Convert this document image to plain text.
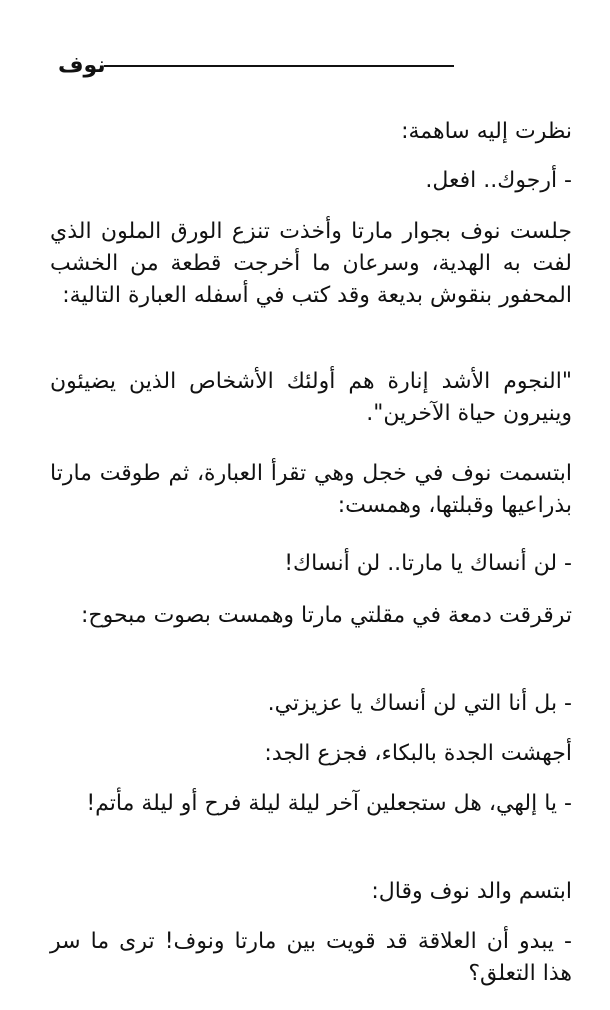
نوف
نظرت إليه ساهمة:
- أرجوك.. افعل.
جلست نوف بجوار مارتا وأخذت تنزع الورق الملون الذي لفت به الهدية، وسرعان ما أخرجت قطعة من الخشب المحفور بنقوش بديعة وقد كتب في أسفله العبارة التالية:
"النجوم الأشد إنارة هم أولئك الأشخاص الذين يضيئون وينيرون حياة الآخرين".
ابتسمت نوف في خجل وهي تقرأ العبارة، ثم طوقت مارتا بذراعيها وقبلتها، وهمست:
- لن أنساك يا مارتا.. لن أنساك!
ترقرقت دمعة في مقلتي مارتا وهمست بصوت مبحوح:
- بل أنا التي لن أنساك يا عزيزتي.
أجهشت الجدة بالبكاء، فجزع الجد:
- يا إلهي، هل ستجعلين آخر ليلة ليلة فرح أو ليلة مأتم!
ابتسم والد نوف وقال:
- يبدو أن العلاقة قد قويت بين مارتا ونوف! ترى ما سر هذا التعلق؟
